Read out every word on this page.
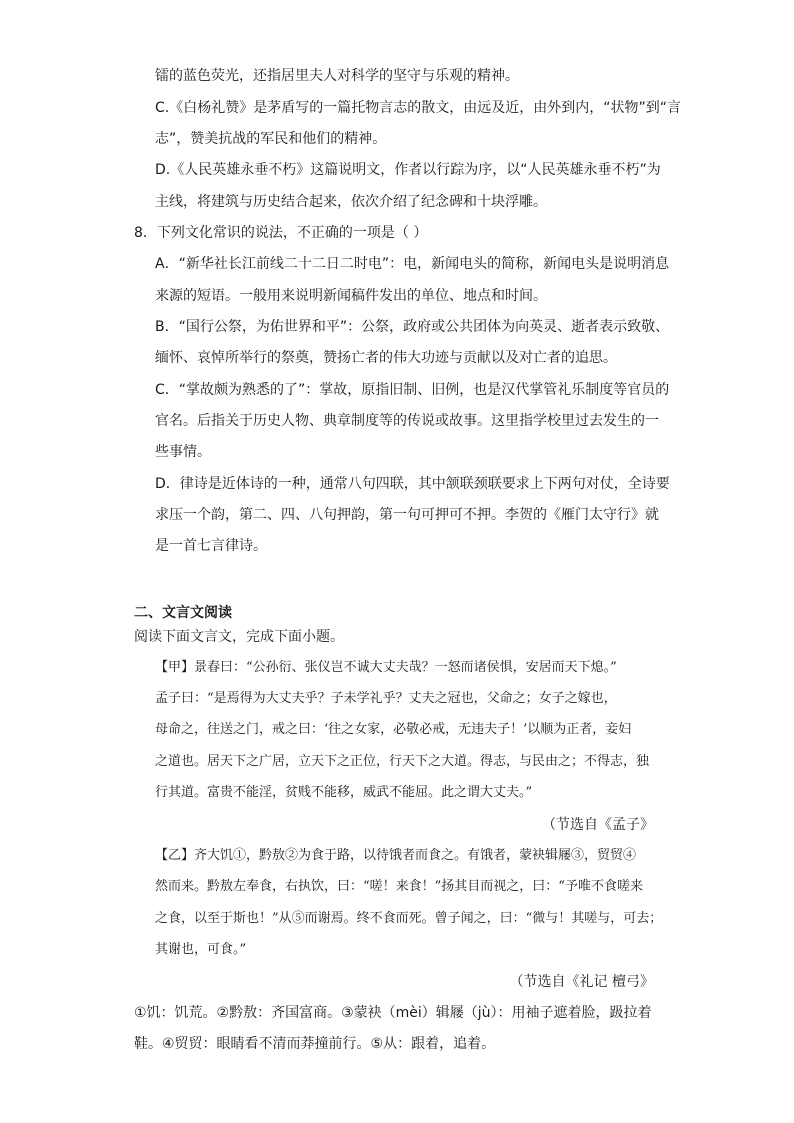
镭的蓝色荧光，还指居里夫人对科学的坚守与乐观的精神。
C.《白杨礼赞》是茅盾写的一篇托物言志的散文，由远及近，由外到内，“状物”到“言
志”，赞美抗战的军民和他们的精神。
D.《人民英雄永垂不朽》这篇说明文，作者以行踪为序，以“人民英雄永垂不朽”为
主线，将建筑与历史结合起来，依次介绍了纪念碑和十块浮雕。
8．下列文化常识的说法，不正确的一项是（ ）
A．“新华社长江前线二十二日二时电”：电，新闻电头的简称，新闻电头是说明消息
来源的短语。一般用来说明新闻稿件发出的单位、地点和时间。
B．“国行公祭，为佑世界和平”：公祭，政府或公共团体为向英灵、逝者表示致敬、
缅怀、哀悼所举行的祭奠，赞扬亡者的伟大功迹与贡献以及对亡者的追思。
C．“掌故颇为熟悉的了”：掌故，原指旧制、旧例，也是汉代掌管礼乐制度等官员的
官名。后指关于历史人物、典章制度等的传说或故事。这里指学校里过去发生的一
些事情。
D．律诗是近体诗的一种，通常八句四联，其中颔联颈联要求上下两句对仗，全诗要
求压一个韵，第二、四、八句押韵，第一句可押可不押。李贺的《雁门太守行》就
是一首七言律诗。
二、文言文阅读
阅读下面文言文，完成下面小题。
【甲】景春曰：“公孙衍、张仪岂不诚大丈夫哉？一怒而诸侯惧，安居而天下熄。”
孟子曰：“是焉得为大丈夫乎？子未学礼乎？丈夫之冠也，父命之；女子之嫁也，
母命之，往送之门，戒之曰：‘往之女家，必敬必戒，无违夫子！’以顺为正者，妾妇
之道也。居天下之广居，立天下之正位，行天下之大道。得志，与民由之；不得志，独
行其道。富贵不能淫，贫贱不能移，威武不能屈。此之谓大丈夫。”
（节选自《孟子》
【乙】齐大饥①，黔敖②为食于路，以待饿者而食之。有饿者，蒙袂辑屦③，贸贸④
然而来。黔敖左奉食，右执饮，曰：“嗟！来食！”扬其目而视之，曰：“予唯不食嗟来
之食，以至于斯也！”从⑤而谢焉。终不食而死。曾子闻之，曰：“微与！其嗟与，可去；
其谢也，可食。”
（节选自《礼记 檀弓》
①饥：饥荒。②黔敖：齐国富商。③蒙袂（mèi）辑屦（jù）：用袖子遮着脸，趿拉着
鞋。④贸贸：眼睛看不清而莽撞前行。⑤从：跟着，追着。
